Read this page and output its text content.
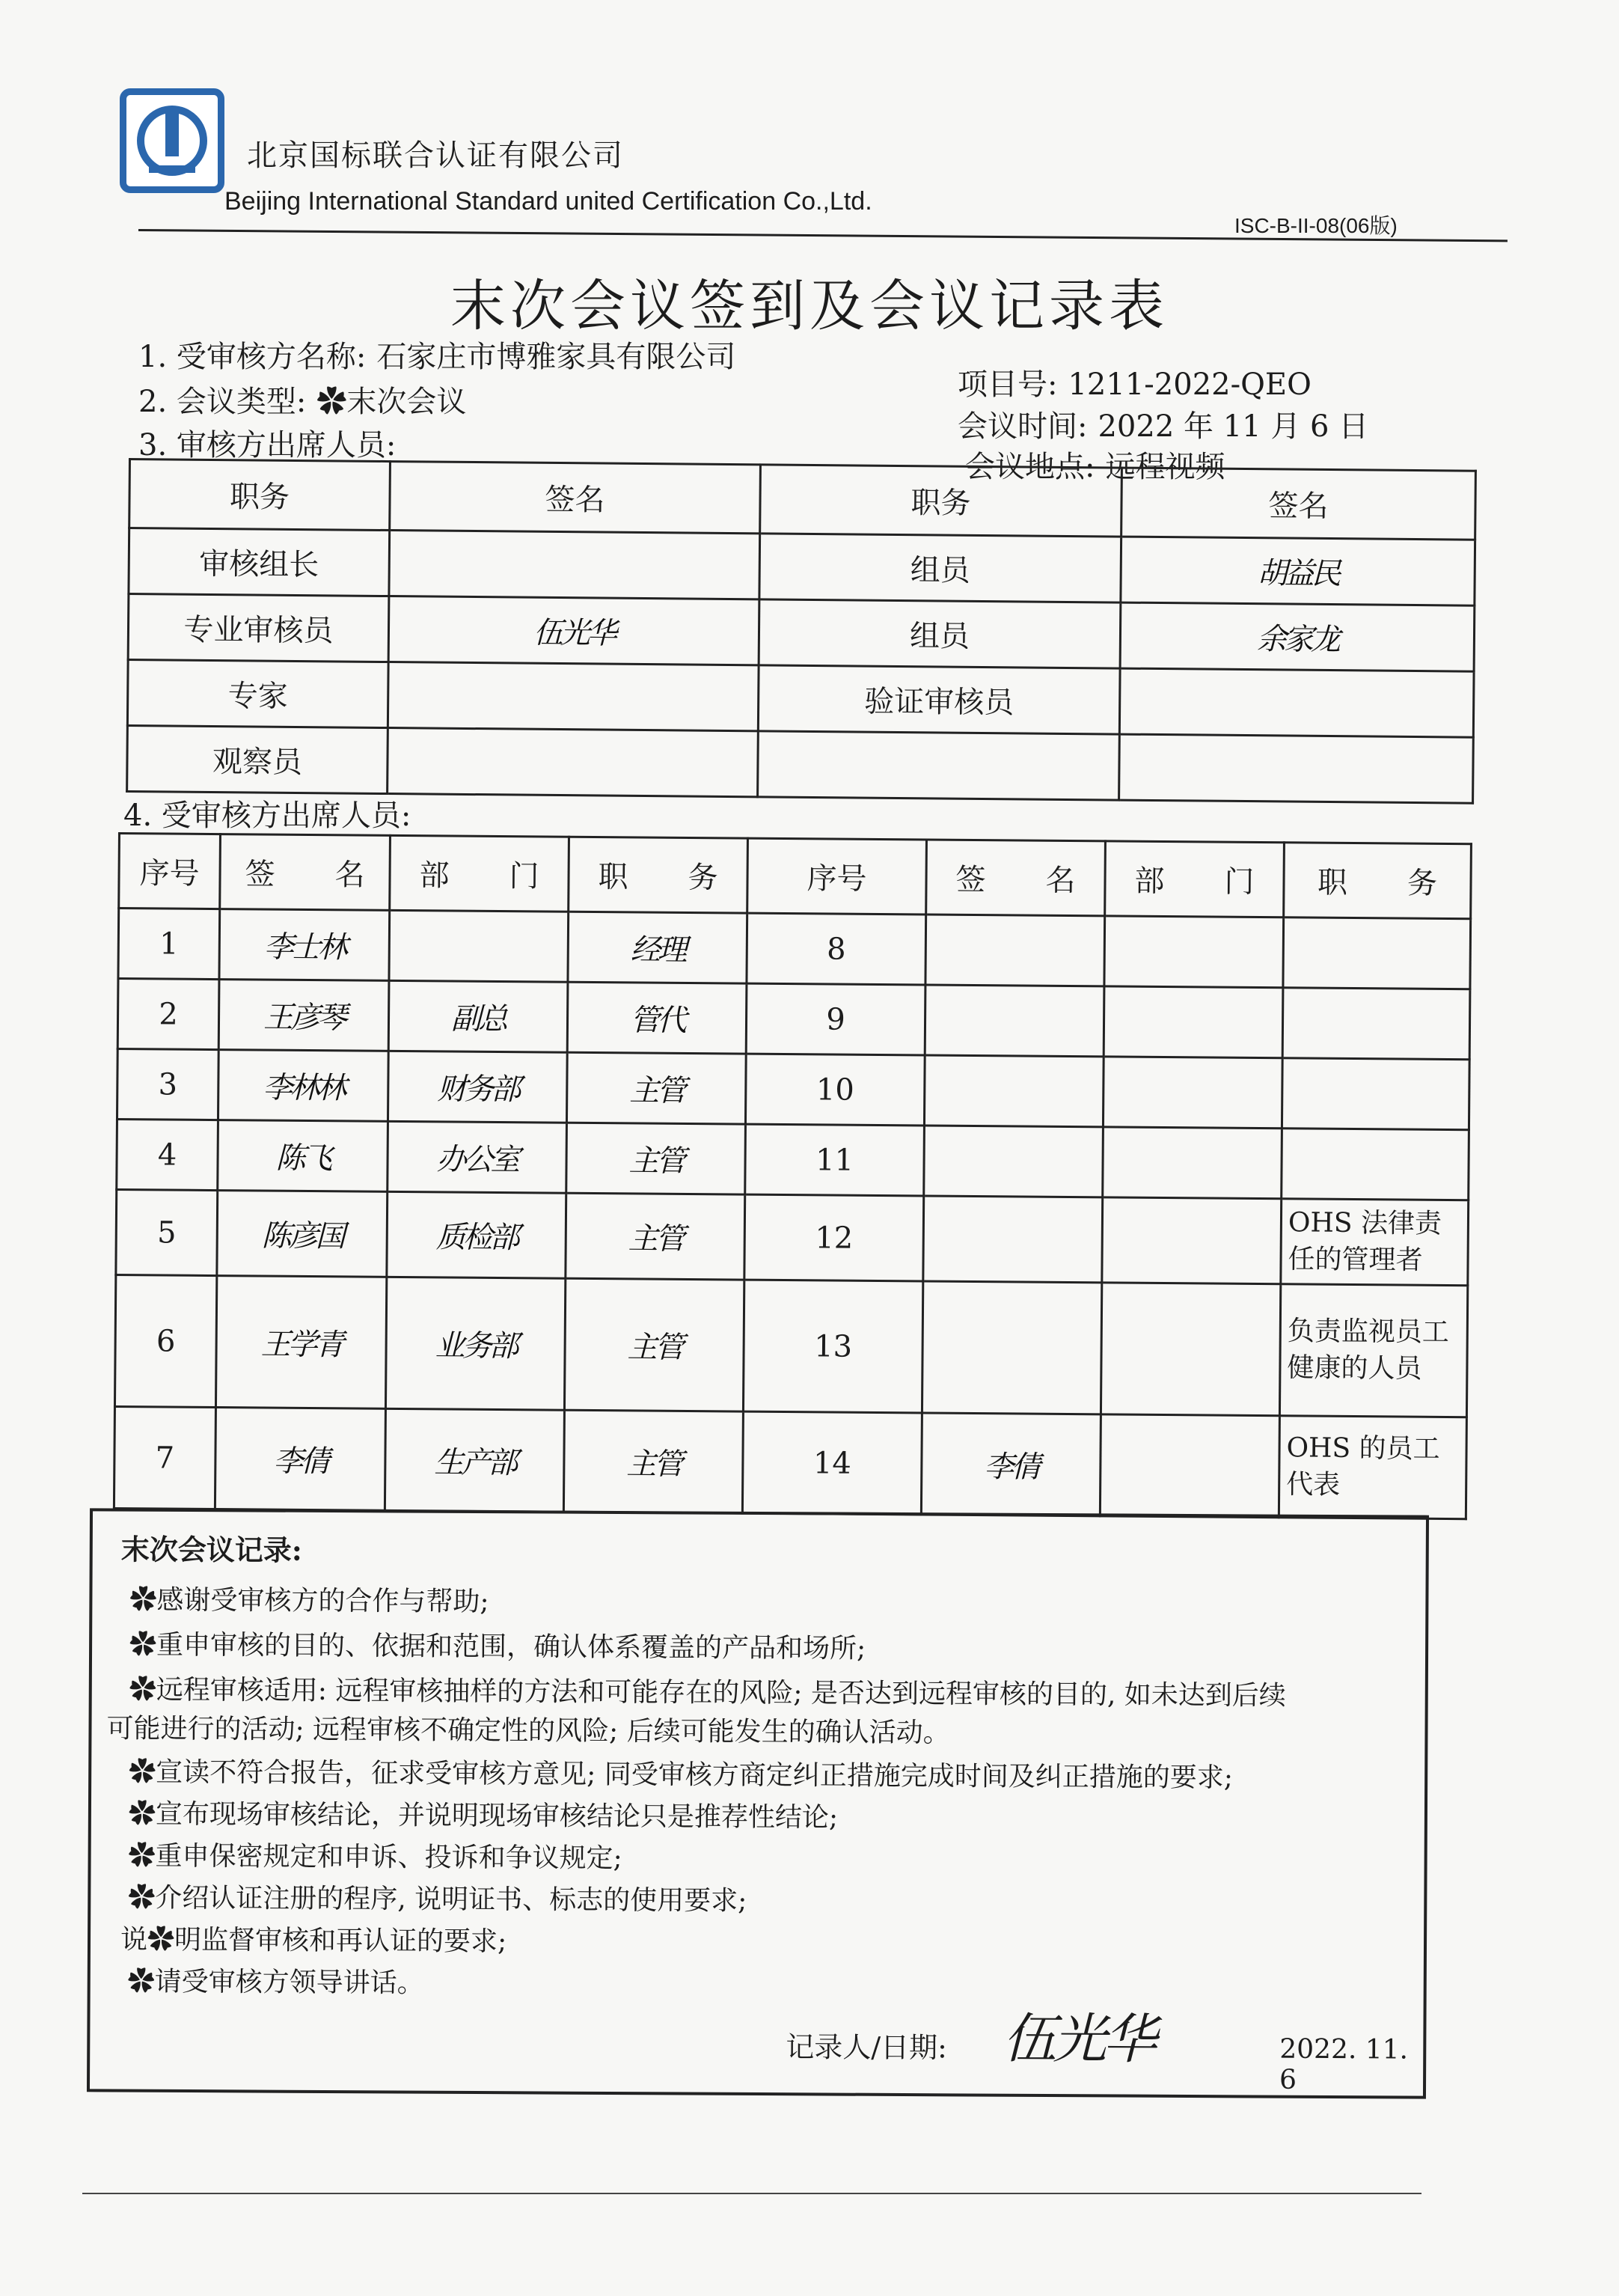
北京国标联合认证有限公司
Beijing International Standard united Certification Co.,Ltd.
ISC-B-II-08(06版)
末次会议签到及会议记录表
1. 受审核方名称: 石家庄市博雅家具有限公司
项目号: 1211-2022-QEO
2. 会议类型: ✿末次会议
会议时间: 2022 年 11 月 6 日
3. 审核方出席人员:
会议地点: 远程视频
职务	签名	职务	签名
审核组长		组员	胡益民
专业审核员	伍光华	组员	余家龙
专家		验证审核员	
观察员			
4. 受审核方出席人员:
序号	签　　名	部　　门	职　　务	序号	签　　名	部　　门	职　　务
1	李士林		经理	8			
2	王彦琴	副总	管代	9			
3	李林林	财务部	主管	10			
4	陈飞	办公室	主管	11			
5	陈彦国	质检部	主管	12			OHS 法律责任的管理者
6	王学青	业务部	主管	13			负责监视员工健康的人员
7	李倩	生产部	主管	14	李倩		OHS 的员工代表
末次会议记录:
✿感谢受审核方的合作与帮助;
✿重申审核的目的、依据和范围，确认体系覆盖的产品和场所;
✿远程审核适用: 远程审核抽样的方法和可能存在的风险; 是否达到远程审核的目的, 如未达到后续
可能进行的活动; 远程审核不确定性的风险; 后续可能发生的确认活动。
✿宣读不符合报告，征求受审核方意见; 同受审核方商定纠正措施完成时间及纠正措施的要求;
✿宣布现场审核结论，并说明现场审核结论只是推荐性结论;
✿重申保密规定和申诉、投诉和争议规定;
✿介绍认证注册的程序, 说明证书、标志的使用要求;
说✿明监督审核和再认证的要求;
✿请受审核方领导讲话。
记录人/日期: 伍光华	2022. 11. 6
